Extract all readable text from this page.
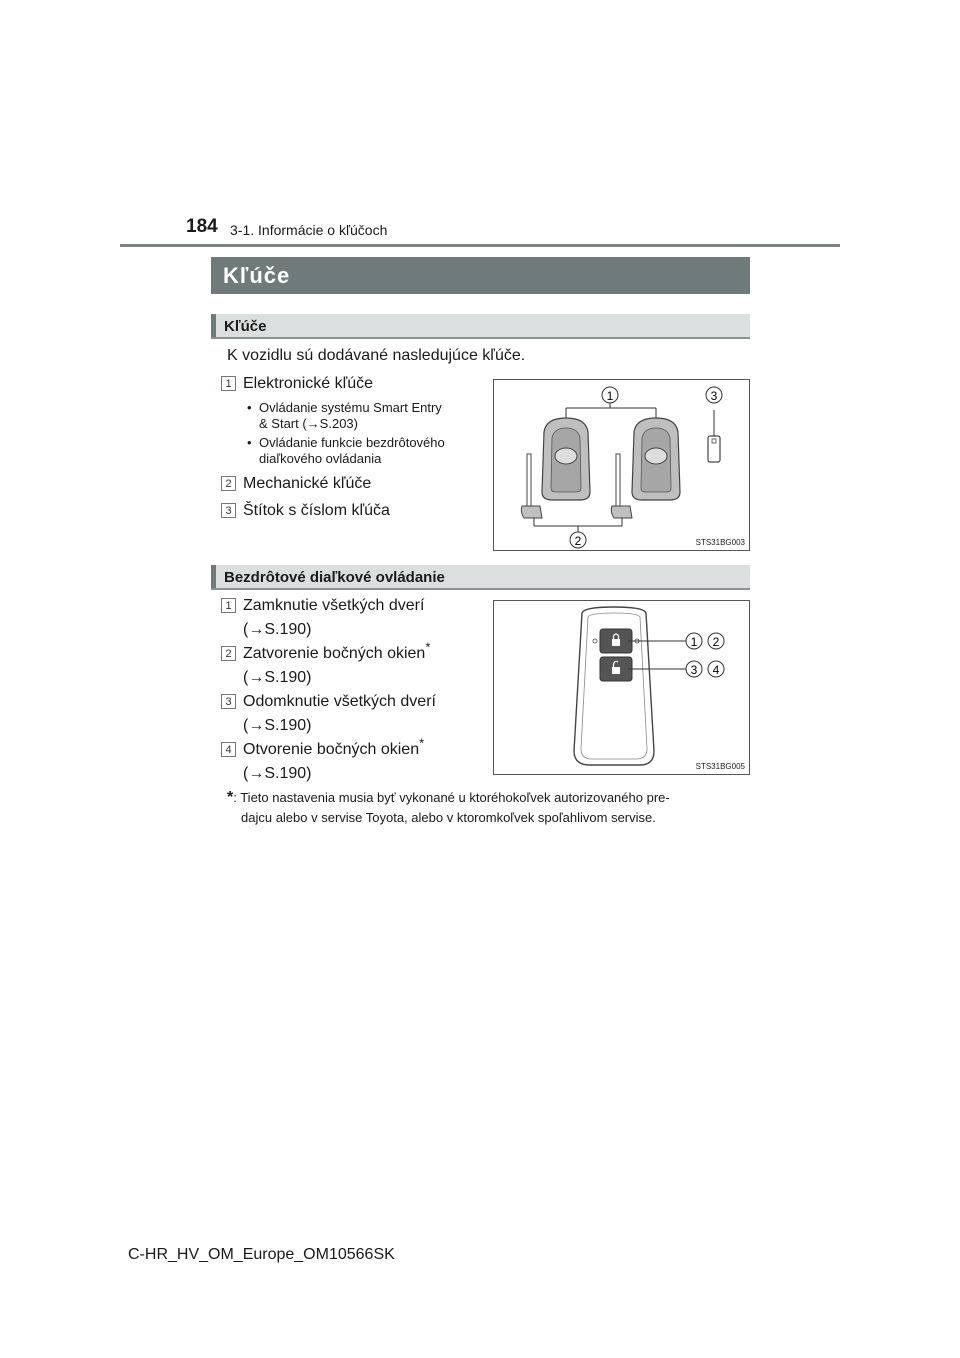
184 3-1. Informácie o kľúčoch
Kľúče
Kľúče
K vozidlu sú dodávané nasledujúce kľúče.
1 Elektronické kľúče
• Ovládanie systému Smart Entry
& Start (→S.203)
• Ovládanie funkcie bezdrôtového
diaľkového ovládania
2 Mechanické kľúče
3 Štítok s číslom kľúča
1	3
2	STS31BG003
Bezdrôtové diaľkové ovládanie
1 Zamknutie všetkých dverí
(→S.190)
2 Zatvorenie bočných okien*
(→S.190)
3 Odomknutie všetkých dverí
(→S.190)
4 Otvorenie bočných okien*
(→S.190)
1 2
3 4
STS31BG005
*: Tieto nastavenia musia byť vykonané u ktoréhokoľvek autorizovaného pre-
dajcu alebo v servise Toyota, alebo v ktoromkoľvek spoľahlivom servise.
C-HR_HV_OM_Europe_OM10566SK
